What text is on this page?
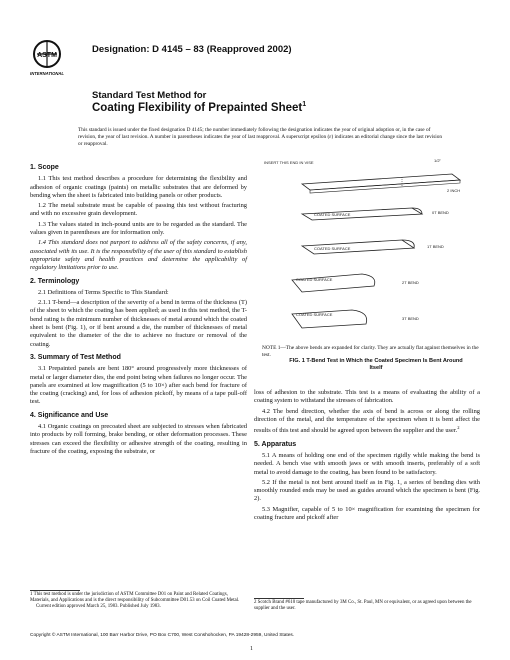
ASTM
INTERNATIONAL
Designation: D 4145 – 83 (Reapproved 2002)
Standard Test Method for
Coating Flexibility of Prepainted Sheet$^1$
This standard is issued under the fixed designation D 4145; the number immediately following the designation indicates the year of original adoption or, in the case of revision, the year of last revision. A number in parentheses indicates the year of last reapproval. A superscript epsilon (ε) indicates an editorial change since the last revision or reapproval.
1. Scope

1.1 This test method describes a procedure for determining the flexibility and adhesion of organic coatings (paints) on metallic substrates that are deformed by bending when the sheet is fabricated into building panels or other products.

1.2 The metal substrate must be capable of passing this test without fracturing and with no excessive grain development.

1.3 The values stated in inch-pound units are to be regarded as the standard. The values given in parentheses are for information only.

1.4 This standard does not purport to address all of the safety concerns, if any, associated with its use. It is the responsibility of the user of this standard to establish appropriate safety and health practices and determine the applicability of regulatory limitations prior to use.

2. Terminology

2.1 Definitions of Terms Specific to This Standard:

2.1.1 T-bend—a description of the severity of a bend in terms of the thickness (T) of the sheet to which the coating has been applied; as used in this test method, the T-bend rating is the minimum number of thicknesses of metal around which the coated sheet is bent (Fig. 1), or if bent around a die, the number of thicknesses of metal equivalent to the diameter of the die to achieve no fracture or removal of the coating.

3. Summary of Test Method

3.1 Prepainted panels are bent 180° around progressively more thicknesses of metal or larger diameter dies, the end point being when failures no longer occur. The panels are examined at low magnification (5 to 10×) after each bend for fracture of the coating (cracking) and, for loss of adhesion pickoff, by means of a tape pull-off test.

4. Significance and Use

4.1 Organic coatings on precoated sheet are subjected to stresses when fabricated into products by roll forming, brake bending, or other deformation processes. These stresses can exceed the flexibility or adhesive strength of the coating, resulting in fracture of the coating, exposing the substrate, or

INSERT THIS END IN VISE	1/2"
2 INCH
COATED SURFACE	0T BEND
COATED SURFACE	1T BEND
COATED SURFACE
2T BEND
COATED SURFACE
3T BEND
NOTE 1—The above bends are expanded for clarity. They are actually flat against themselves in the test.
FIG. 1 T-Bend Test in Which the Coated Specimen Is Bent Around Itself

loss of adhesion to the substrate. This test is a means of evaluating the ability of a coating system to withstand the stresses of fabrication.

4.2 The bend direction, whether the axis of bend is across or along the rolling direction of the metal, and the temperature of the specimen when it is bent affect the results of this test and should be agreed upon between the supplier and the user.$^2$

5. Apparatus

5.1 A means of holding one end of the specimen rigidly while making the bend is needed. A bench vise with smooth jaws or with smooth inserts, preferably of a soft metal to avoid damage to the coating, has been found to be satisfactory.

5.2 If the metal is not bent around itself as in Fig. 1, a series of bending dies with smoothly rounded ends may be used as guides around which the specimen is bent (Fig. 2).

5.3 Magnifier, capable of 5 to 10× magnification for examining the specimen for coating fracture and pickoff after

1 This test method is under the jurisdiction of ASTM Committee D01 on Paint and Related Coatings, Materials, and Applications and is the direct responsibility of Subcommittee D01.53 on Coil Coated Metal.
Current edition approved March 25, 1983. Published July 1983.
2 Scotch Brand #610 tape manufactured by 3M Co., St. Paul, MN or equivalent, or as agreed upon between the supplier and the user.
Copyright © ASTM International, 100 Barr Harbor Drive, PO Box C700, West Conshohocken, PA 19428-2959, United States.
1
